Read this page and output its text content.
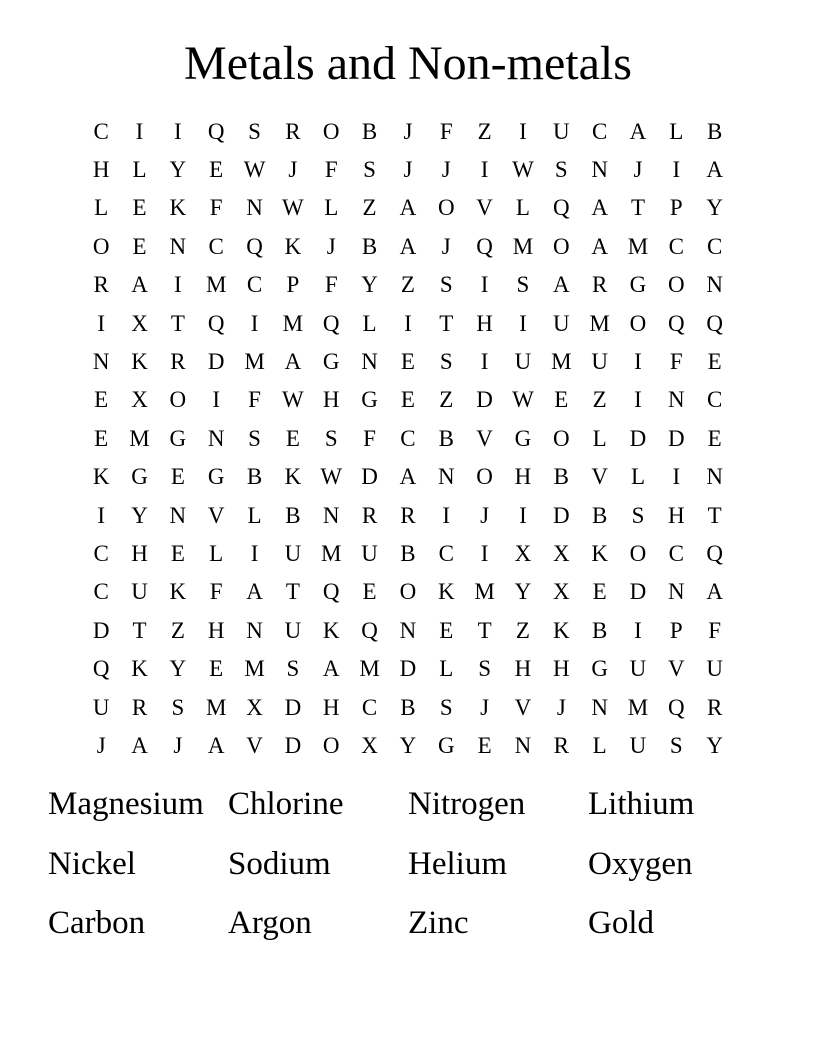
Metals and Non-metals
C	I	I	Q	S	R O B	J	F	Z	I	U C A	L	B
H	L	Y	E W	J	F	S	J	J	I	W S	N	J	I	A
L	E	K	F	N W L	Z	A O V	L	Q A	T	P	Y
O	E	N C Q K	J	B A	J	Q M O A M C	C
R A	I	M C	P	F	Y	Z	S	I	S	A R G O N
I	X	T	Q	I	M Q	L	I	T	H	I	U M O Q Q
N K R D M A G N	E	S	I	U M U	I	F	E
E	X O	I	F W H G	E	Z	D W E	Z	I	N C
E M G N	S	E	S	F	C	B V G O	L	D D	E
K G	E	G B K W D A N O H B V	L	I	N
I	Y N V	L	B N R	R	I	J	I	D B	S	H	T
C H	E	L	I	U M U B	C	I	X X K O C Q
C U K	F	A	T	Q	E	O K M Y X	E	D N A
D	T	Z	H N U K Q N	E	T	Z	K B	I	P	F
Q K Y	E M S	A M D	L	S	H H G U V U
U R	S M X D H C	B	S	J	V	J	N M Q R
J	A	J	A V D O X Y G	E	N R	L	U	S	Y
Magnesium Chlorine	Nitrogen	Lithium
Nickel	Sodium	Helium	Oxygen
Carbon	Argon	Zinc	Gold
